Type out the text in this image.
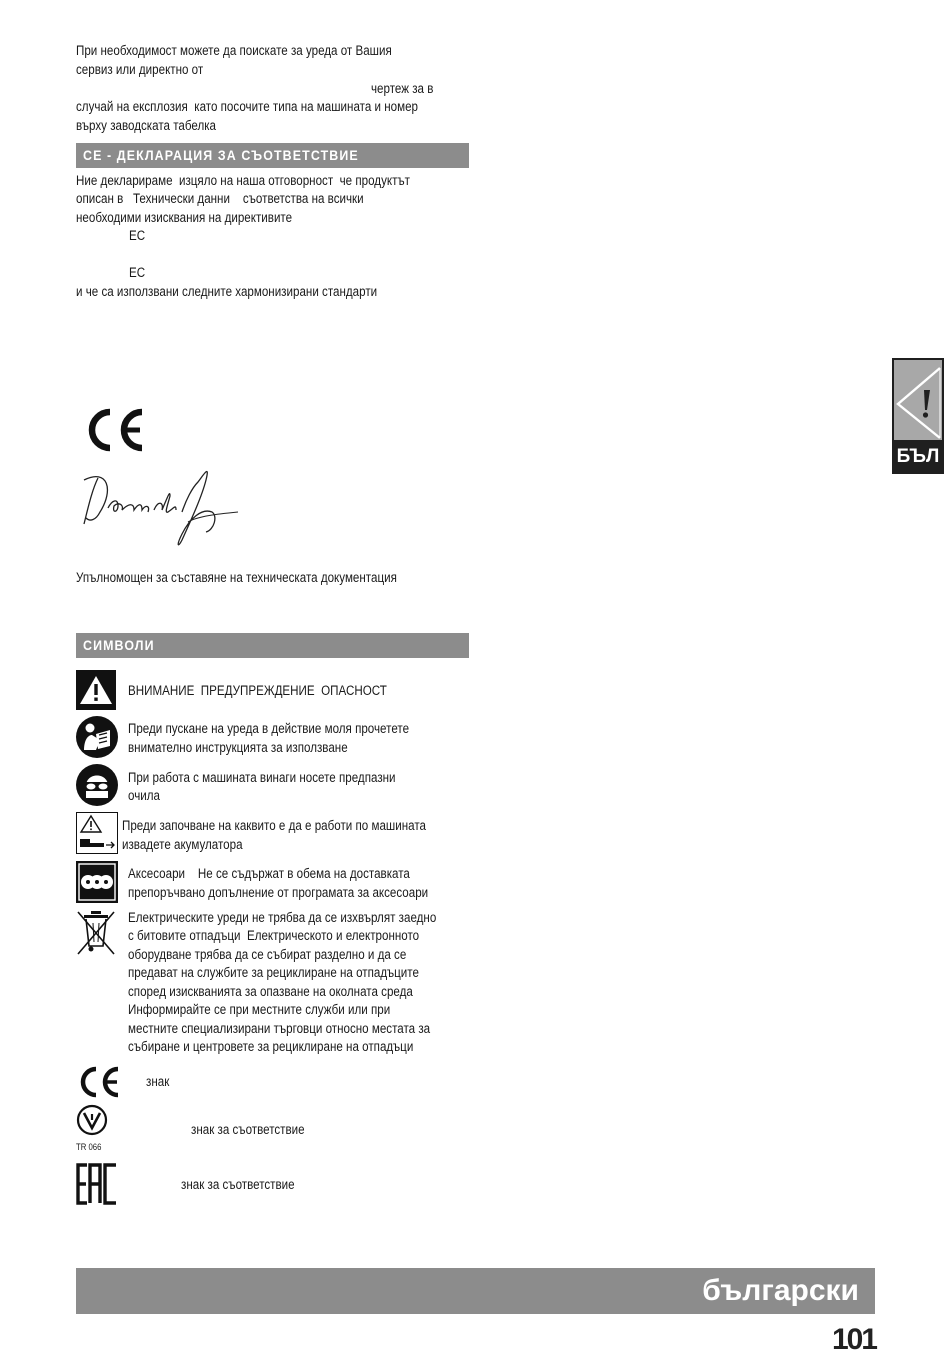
При необходимост можете да поискате за уреда от Вашия
сервиз или директно от
чертеж за в
случай на експлозия  като посочите типа на машината и номер
върху заводската табелка
CE - ДЕКЛАРАЦИЯ ЗА СЪОТВЕТСТВИЕ
Ние декларираме  изцяло на наша отговорност  че продуктът
описан в   Технически данни    съответства на всички
необходими изисквания на директивите
EC
EC
и че са използвани следните хармонизирани стандарти
Упълномощен за съставяне на техническата документация
СИМВОЛИ
ВНИМАНИЕ  ПРЕДУПРЕЖДЕНИЕ  ОПАСНОСТ
Преди пускане на уреда в действие моля прочетете
внимателно инструкцията за използване
При работа с машината винаги носете предпазни
очила
Преди започване на каквито е да е работи по машината
извадете акумулатора
Аксесоари    Не се съдържат в обема на доставката
препоръчвано допълнение от програмата за аксесоари
Електрическите уреди не трябва да се изхвърлят заедно
с битовите отпадъци  Електрическото и електронното
оборудване трябва да се събират разделно и да се
предават на службите за рециклиране на отпадъците
според изискванията за опазване на околната среда
Информирайте се при местните служби или при
местните специализирани търговци относно местата за
събиране и центровете за рециклиране на отпадъци
знак
TR 066
знак за съответствие
знак за съответствие
БЪЛ
български
101
